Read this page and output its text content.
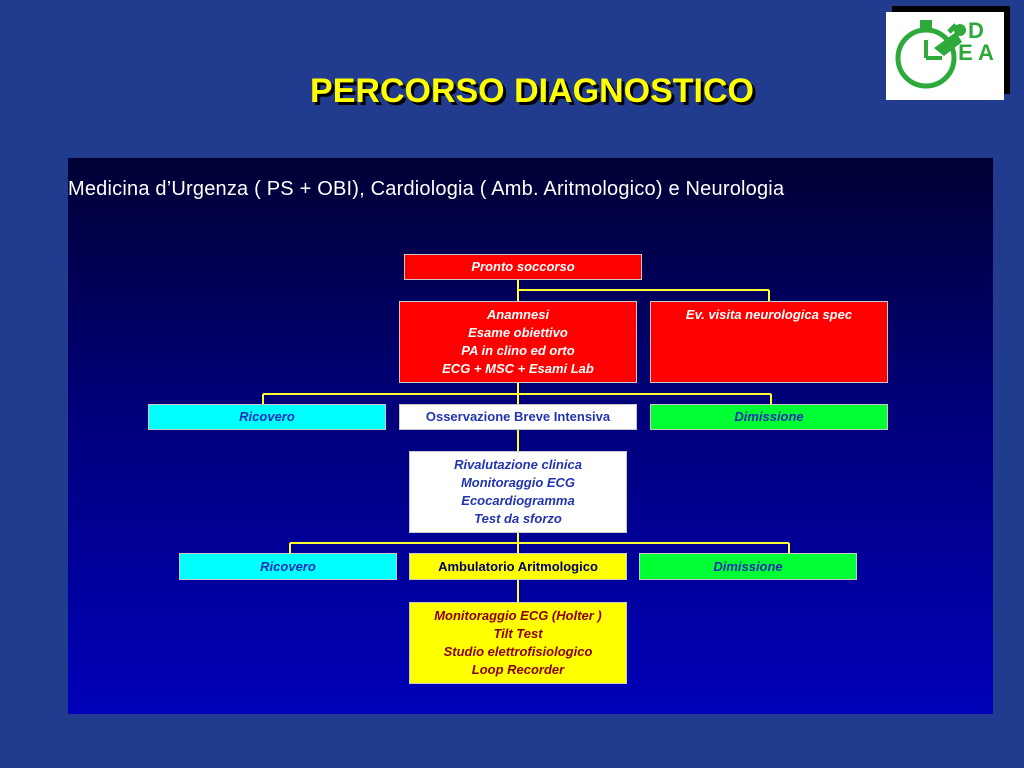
PERCORSO DIAGNOSTICO
D E A
Medicina d’Urgenza ( PS + OBI), Cardiologia ( Amb. Aritmologico) e Neurologia
Pronto soccorso
Anamnesi
Esame obiettivo
PA in clino ed orto
ECG + MSC + Esami Lab
Ev. visita neurologica spec
Ricovero	Osservazione Breve Intensiva	Dimissione
Rivalutazione clinica
Monitoraggio ECG
Ecocardiogramma
Test da sforzo
Ricovero	Ambulatorio Aritmologico	Dimissione
Monitoraggio ECG (Holter )
Tilt Test
Studio elettrofisiologico
Loop Recorder
